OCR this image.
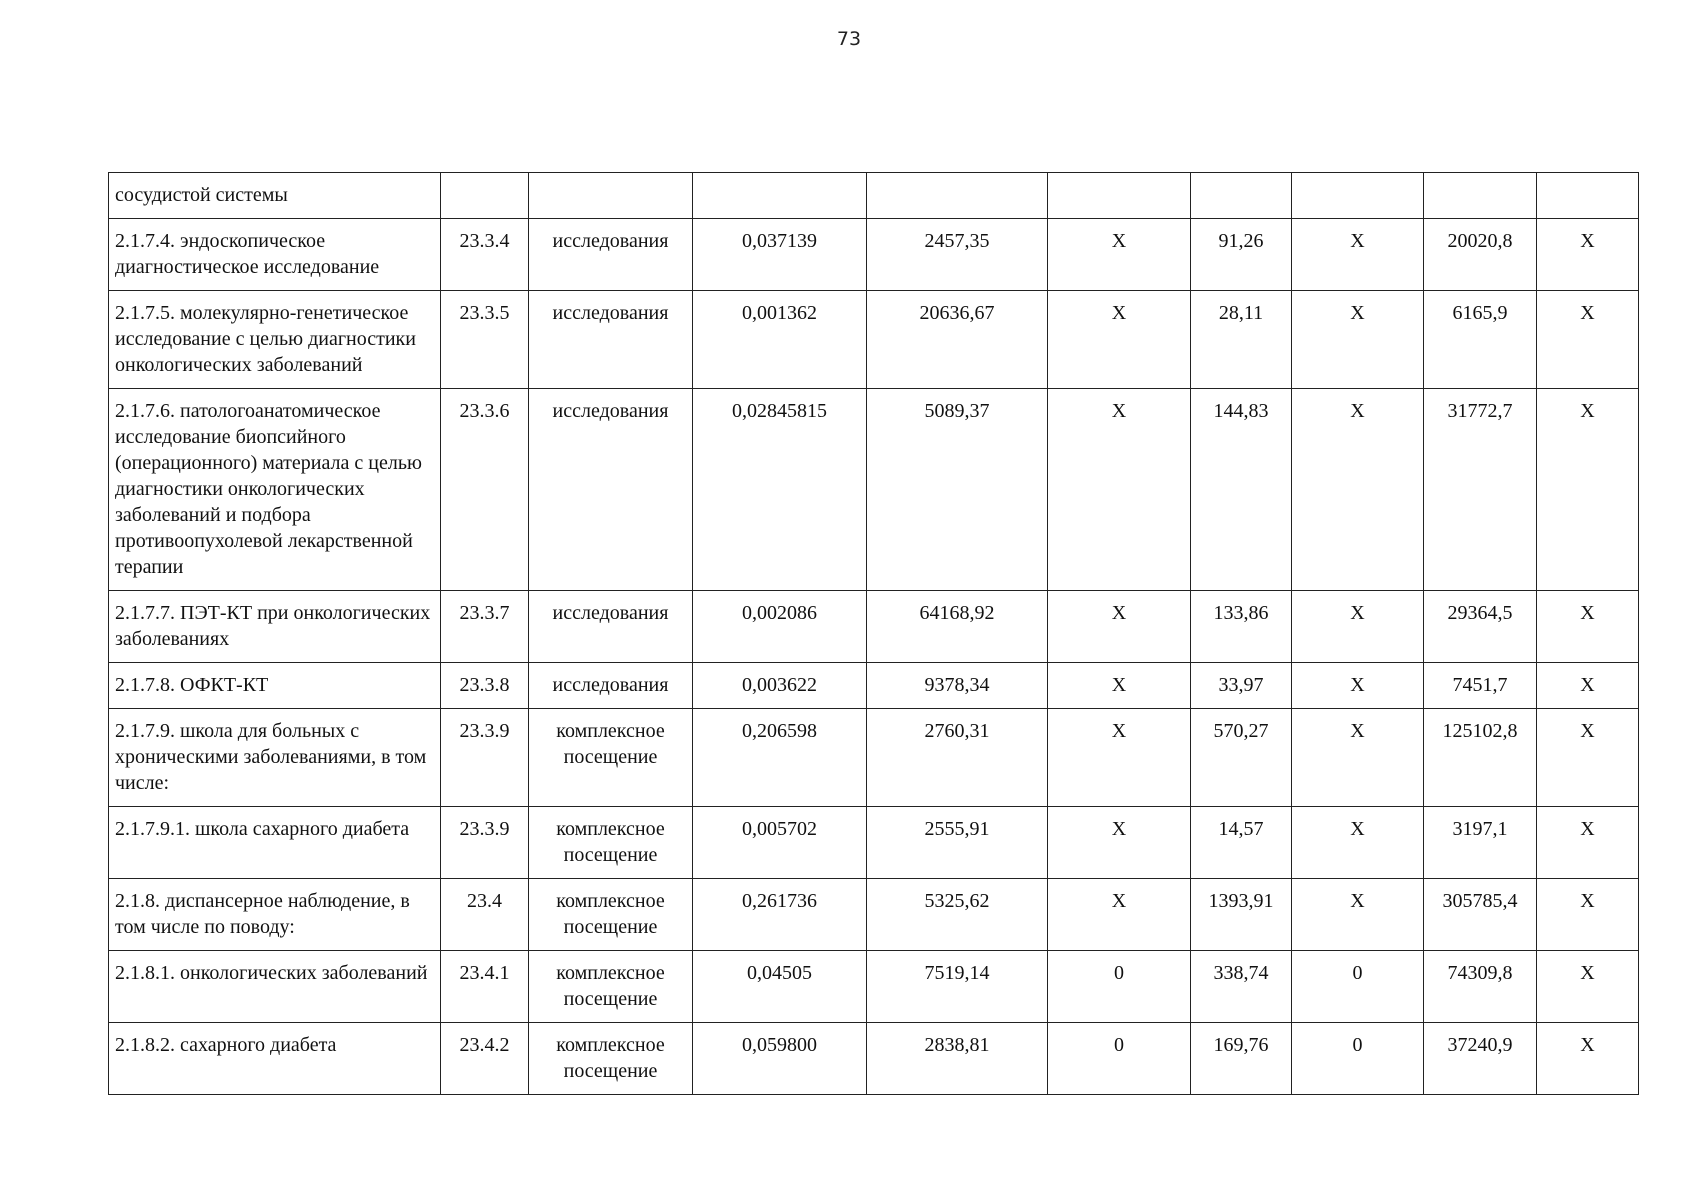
73
сосудистой системы									
2.1.7.4. эндоскопическое диагностическое исследование	23.3.4	исследования	0,037139	2457,35	Х	91,26	Х	20020,8	Х
2.1.7.5. молекулярно-генетическое исследование с целью диагностики онкологических заболеваний	23.3.5	исследования	0,001362	20636,67	Х	28,11	Х	6165,9	Х
2.1.7.6. патологоанатомическое исследование биопсийного (операционного) материала с целью диагностики онкологических заболеваний и подбора противоопухолевой лекарственной терапии	23.3.6	исследования	0,02845815	5089,37	Х	144,83	Х	31772,7	Х
2.1.7.7. ПЭТ-КТ при онкологических заболеваниях	23.3.7	исследования	0,002086	64168,92	Х	133,86	Х	29364,5	Х
2.1.7.8. ОФКТ-КТ	23.3.8	исследования	0,003622	9378,34	Х	33,97	Х	7451,7	Х
2.1.7.9. школа для больных с хроническими заболеваниями, в том числе:	23.3.9	комплексное посещение	0,206598	2760,31	Х	570,27	Х	125102,8	Х
2.1.7.9.1. школа сахарного диабета	23.3.9	комплексное посещение	0,005702	2555,91	Х	14,57	Х	3197,1	Х
2.1.8. диспансерное наблюдение, в том числе по поводу:	23.4	комплексное посещение	0,261736	5325,62	Х	1393,91	Х	305785,4	Х
2.1.8.1. онкологических заболеваний	23.4.1	комплексное посещение	0,04505	7519,14	0	338,74	0	74309,8	Х
2.1.8.2. сахарного диабета	23.4.2	комплексное посещение	0,059800	2838,81	0	169,76	0	37240,9	Х
